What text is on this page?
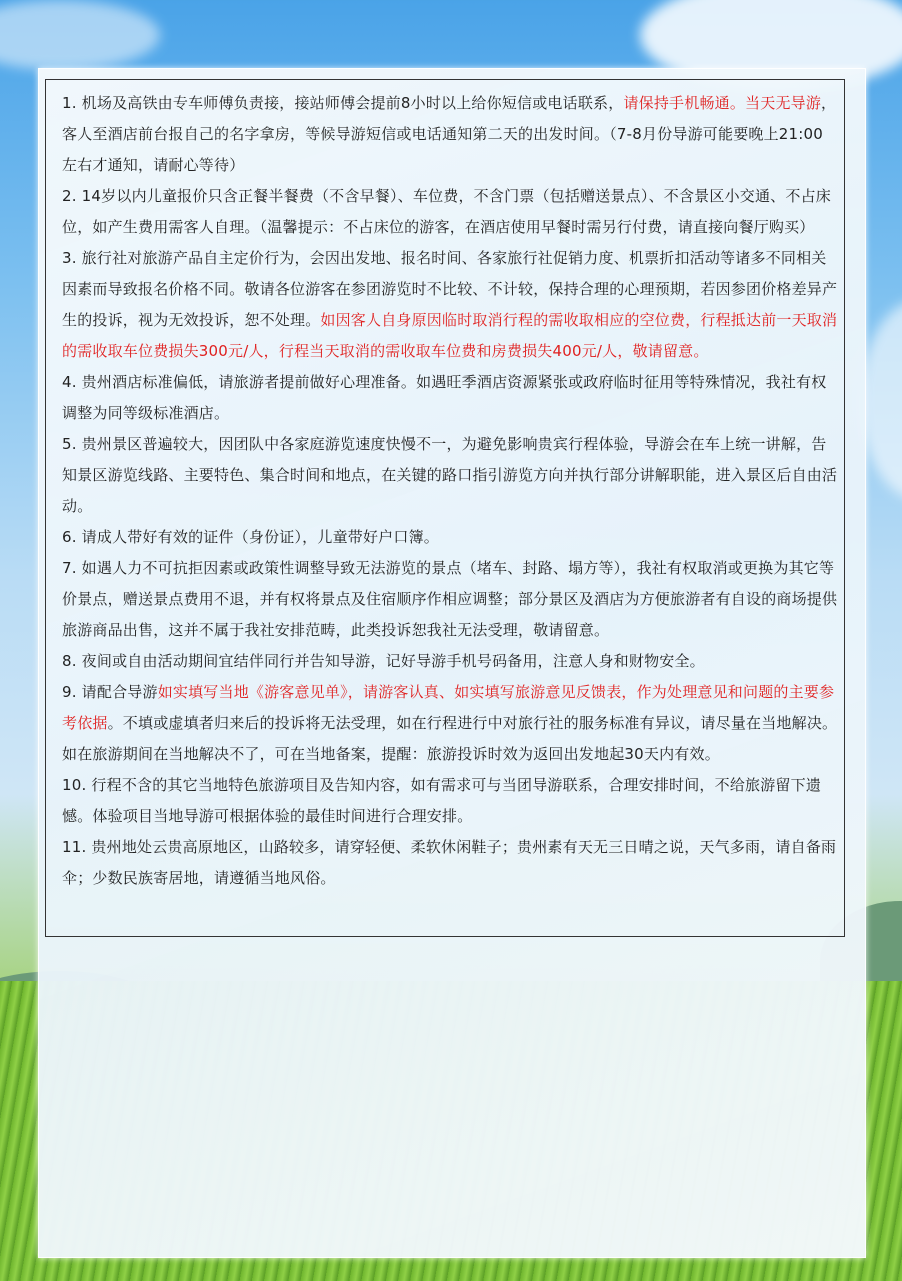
1. 机场及高铁由专车师傅负责接，接站师傅会提前8小时以上给你短信或电话联系，请保持手机畅通。当天无导游，客人至酒店前台报自己的名字拿房，等候导游短信或电话通知第二天的出发时间。（7-8月份导游可能要晚上21:00左右才通知，请耐心等待）

2. 14岁以内儿童报价只含正餐半餐费（不含早餐）、车位费，不含门票（包括赠送景点）、不含景区小交通、不占床位，如产生费用需客人自理。（温馨提示：不占床位的游客，在酒店使用早餐时需另行付费，请直接向餐厅购买）

3. 旅行社对旅游产品自主定价行为，会因出发地、报名时间、各家旅行社促销力度、机票折扣活动等诸多不同相关因素而导致报名价格不同。敬请各位游客在参团游览时不比较、不计较，保持合理的心理预期，若因参团价格差异产生的投诉，视为无效投诉，恕不处理。如因客人自身原因临时取消行程的需收取相应的空位费，行程抵达前一天取消的需收取车位费损失300元/人，行程当天取消的需收取车位费和房费损失400元/人，敬请留意。

4. 贵州酒店标准偏低，请旅游者提前做好心理准备。如遇旺季酒店资源紧张或政府临时征用等特殊情况，我社有权调整为同等级标准酒店。

5. 贵州景区普遍较大，因团队中各家庭游览速度快慢不一，为避免影响贵宾行程体验，导游会在车上统一讲解，告知景区游览线路、主要特色、集合时间和地点，在关键的路口指引游览方向并执行部分讲解职能，进入景区后自由活动。

6. 请成人带好有效的证件（身份证），儿童带好户口簿。

7. 如遇人力不可抗拒因素或政策性调整导致无法游览的景点（堵车、封路、塌方等），我社有权取消或更换为其它等价景点，赠送景点费用不退，并有权将景点及住宿顺序作相应调整；部分景区及酒店为方便旅游者有自设的商场提供旅游商品出售，这并不属于我社安排范畴，此类投诉恕我社无法受理，敬请留意。

8. 夜间或自由活动期间宜结伴同行并告知导游，记好导游手机号码备用，注意人身和财物安全。

9. 请配合导游如实填写当地《游客意见单》，请游客认真、如实填写旅游意见反馈表，作为处理意见和问题的主要参考依据。不填或虚填者归来后的投诉将无法受理，如在行程进行中对旅行社的服务标准有异议，请尽量在当地解决。如在旅游期间在当地解决不了，可在当地备案，提醒：旅游投诉时效为返回出发地起30天内有效。

10. 行程不含的其它当地特色旅游项目及告知内容，如有需求可与当团导游联系，合理安排时间，不给旅游留下遗憾。体验项目当地导游可根据体验的最佳时间进行合理安排。

11. 贵州地处云贵高原地区，山路较多，请穿轻便、柔软休闲鞋子；贵州素有天无三日晴之说，天气多雨，请自备雨伞；少数民族寄居地，请遵循当地风俗。
